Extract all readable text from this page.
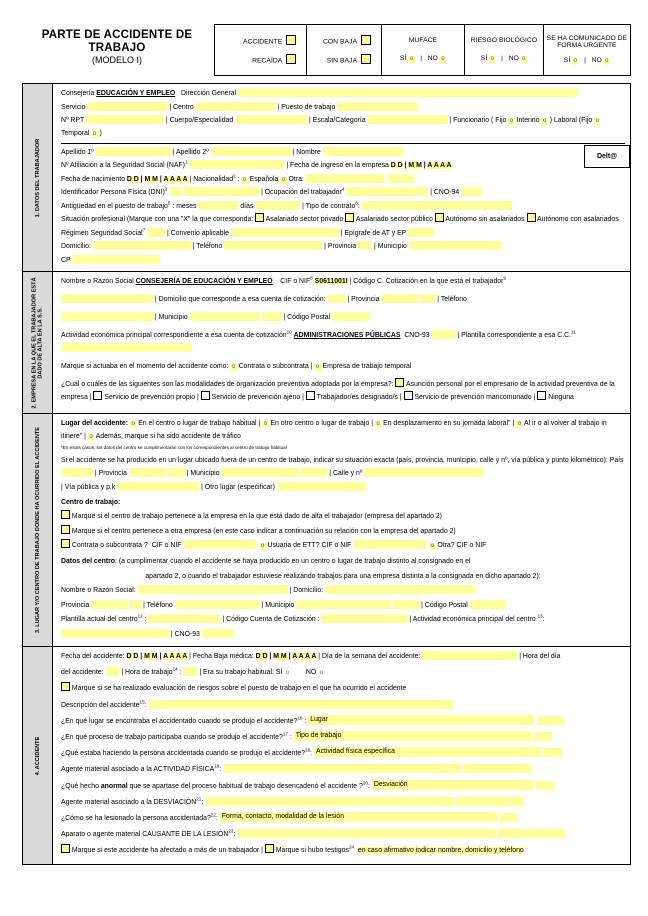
PARTE DE ACCIDENTE DE
TRABAJO
(MODELO I)
ACCIDENTE
RECAÍDA
CON BAJA
SIN BAJA
MUFACE
SÍ o   |   NO o
RIESGO BIOLÓGICO
SÍ o   |   NO o
SE HA COMUNICADO DE FORMA URGENTE
SÍ o   |   NO o
1. DATOS DEL TRABAJADOR
Consejería EDUCACIÓN Y EMPLEO   Dirección General
Servicio	| Centro	| Puesto de trabajo
Nº RPT	| Cuerpo/Especialidad	| Escala/Categoría	| Funcionario ( Fijo o Interino o ) Laboral (Fijo o   Temporal o )
Apellido 1º	| Apellido 2º	| Nombre
Nº Afiliación a la Seguridad Social (NAF)$^1$	| Fecha de ingreso en la empresa D D | M M | A A A A
Fecha de nacimiento D D | M M | A A A A | Nacionalidad$^2$ : o Española o Otra:
Identificador Persona Física (DNI)$^3$	| Ocupación del trabajador$^4$	| CNO-94
Antigüedad en el puesto de trabajo$^5$ : meses	días	| Tipo de contrato$^6$:
Situación profesional (Marque con una "X" la que corresponda:  Asalariado sector privado  Asalariado sector público  Autónomo sin asalariados  Autónomo con asalariados
Régimen Seguridad Social$^7$	| Convenio aplicable	| Epígrafe de AT y EP
Domicilio:	| Teléfono	| Provincia  | Municipio
CP
Delt@
2. EMPRESA EN LA QUE EL TRABAJADOR ESTÁ DADO DE ALTA EN LA S.S.
Nombre o Razón Social CONSEJERÍA DE EDUCACIÓN Y EMPLEO    CIF o NIF$^8$ S0611001I | Código C. Cotización en la que está el trabajador$^9$
| Domicilio que corresponde a esa cuenta de cotización:	| Provincia	| Teléfono
| Municipio	| Código Postal
Actividad económica principal correspondiente a esa cuenta de cotización$^{10}$ ADMINISTRACIONES PÚBLICAS  CNO-93	| Plantilla correspondiente a esa C.C.$^{11}$
Marque si actuaba en el momento del accidente como: o Contrata o subcontrata | o Empresa de trabajo temporal
¿Cuál o cuáles de las siguientes son las modalidades de organización preventiva adoptada por la empresa?:  Asunción personal por el empresario de la actividad preventiva de la empresa |  Servicio de prevención propio |  Servicio de prevención ajeno |  Trabajador/es designado/s |  Servicio de prevención mancomunado |  Ninguna
3. LUGAR Y/O CENTRO DE TRABAJO DONDE HA OCURRIDO EL ACCIDENTE
Lugar del accidente: o En el centro o lugar de trabajo habitual | o En otro centro o lugar de trabajo | o En desplazamiento en su jornada laboral" | o Al ir o al volver al trabajo in itinere" | o Además, marque si ha sido accidente de tráfico
*En estos casos, los datos del centro se cumplimentarán con los correspondientes al centro de trabajo habitual
Si el accidente se ha producido en un lugar ubicado fuera de un centro de trabajo, indicar su situación exacta (país, provincia, municipio, calle y nº, vía pública y punto kilométrico): País  | Provincia	| Municipio	| Calle y nº
| Vía pública y p.k	| Otro lugar (especificar)
Centro de trabajo:
Marque si el centro de trabajo pertenece a la empresa en la que está dado de alta el trabajador (empresa del apartado 2)
Marque si el centro pertenece a otra empresa (en este caso indicar a continuación su relación con la empresa del apartado 2)
Contrata o subcontrata ?  CIF o NIF	o Usuaria de ETT? CIF o NIF	o Otra? CIF o NIF
Datos del centro: (a cumplimentar cuando el accidente se haya producido en un centro o lugar de trabajo distinto al consignado en el
apartado 2, o cuando el trabajador estuviese realizando trabajos para una empresa distinta a la consignada en dicho apartado 2):
Nombre o Razón Social:	| Domicilio:
Provincia	| Teléfono	| Municipio	| Código Postal
Plantilla actual del centro$^{12}$ :	| Código Cuenta de Cotización :	| Actividad económica principal del centro $^{13}$:
| CNO-93
4. ACCIDENTE
Fecha del accidente: D D | M M | A A A A | Fecha Baja médica: D D | M M | A A A A | Día de la semana del accidente:	| Hora del día
del accidente:  | Hora de trabajo$^{14}$ :  | Era su trabajo habitual: SÍ o        NO o
Marque si se ha realizado evaluación de riesgos sobre el puesto de trabajo en el que ha ocurrido el accidente
Descripción del accidente$^{15}$:
¿En qué lugar se encontraba el accidentado cuando se produjo el accidente?$^{16}$ : Lugar
¿En qué proceso de trabajo participaba cuando se produjo el accidente?$^{17}$ : Tipo de trabajo
¿Qué estaba haciendo la persona accidentada cuando se produjo el accidente?$^{18}$: Actividad física específica
Agente material asociado a la ACTIVIDAD FÍSICA$^{19}$:
¿Qué hecho anormal que se apartase del proceso habitual de trabajo desencadenó el accidente ?$^{20}$: Desviación
Agente material asociado a la DESVIACIÓN$^{21}$:
¿Cómo se ha lesionado la persona accidentada?$^{22}$: Forma, contacto, modalidad de la lesión
Aparato o agente material CAUSANTE DE LA LESIÓN$^{23}$:
Marque si este accidente ha afectado a más de un trabajador |  Marque si hubo testigos$^{24}$ en caso afirmativo indicar nombre, domicilio y teléfono
